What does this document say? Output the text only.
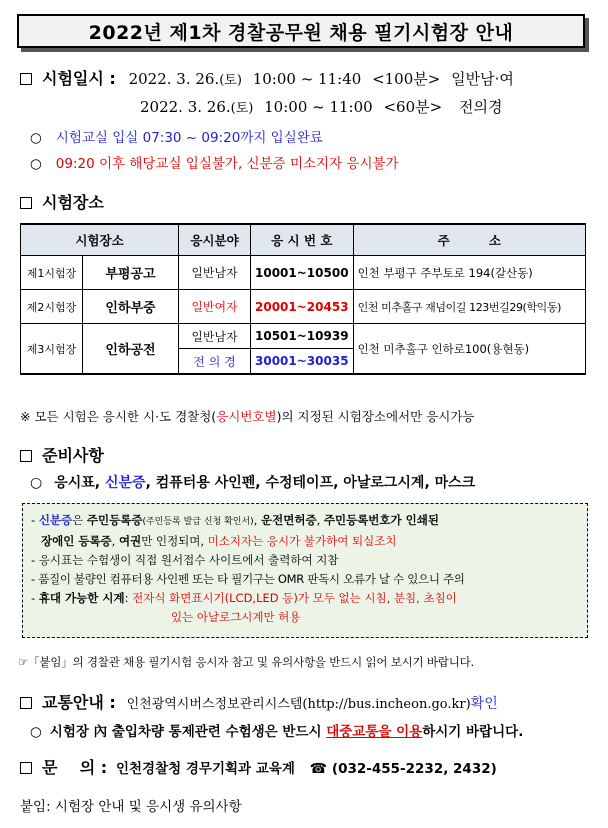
2022년 제1차 경찰공무원 채용 필기시험장 안내
시험일시 : 2022. 3. 26.(토) 10:00 ~ 11:40 <100분> 일반남·여
2022. 3. 26.(토) 10:00 ~ 11:00 <60분> 전의경
○ 시험교실 입실 07:30 ~ 09:20까지 입실완료
○ 09:20 이후 해당교실 입실불가, 신분증 미소지자 응시불가
시험장소
시험장소		응시분야	응 시 번 호	주         소
제1시험장	부평공고	일반남자	10001~10500	인천 부평구 주부토로 194(갈산동)
제2시험장	인하부중	일반여자	20001~20453	인천 미추홀구 재넘이길 123번길29(학익동)
제3시험장	인하공전	일반남자	10501~10939	인천 미추홀구 인하로100(용현동)
		전 의 경	30001~30035	
※ 모든 시험은 응시한 시·도 경찰청(응시번호별)의 지정된 시험장소에서만 응시가능
준비사항
○ 응시표, 신분증, 컴퓨터용 사인펜, 수정테이프, 아날로그시계, 마스크
- 신분증은 주민등록증(주민등록 발급 신청 확인서), 운전면허증, 주민등록번호가 인쇄된
장애인 등록증, 여권만 인정되며, 미소지자는 응시가 불가하여 퇴실조치
- 응시표는 수험생이 직접 원서접수 사이트에서 출력하여 지참
- 품질이 불량인 컴퓨터용 사인펜 또는 타 필기구는 OMR 판독시 오류가 날 수 있으니 주의
- 휴대 가능한 시계: 전자식 화면표시기(LCD,LED 등)가 모두 없는 시침, 분침, 초침이
있는 아날로그시계만 허용
☞「붙임」의 경찰관 채용 필기시험 응시자 참고 및 유의사항을 반드시 읽어 보시기 바랍니다.
교통안내 : 인천광역시버스정보관리시스템(http://bus.incheon.go.kr)확인
○ 시험장 內 출입차량 통제관련 수험생은 반드시 대중교통을 이용하시기 바랍니다.
문    의 : 인천경찰청 경무기획과 교육계 ☎ (032-455-2232, 2432)
붙임: 시험장 안내 및 응시생 유의사항
